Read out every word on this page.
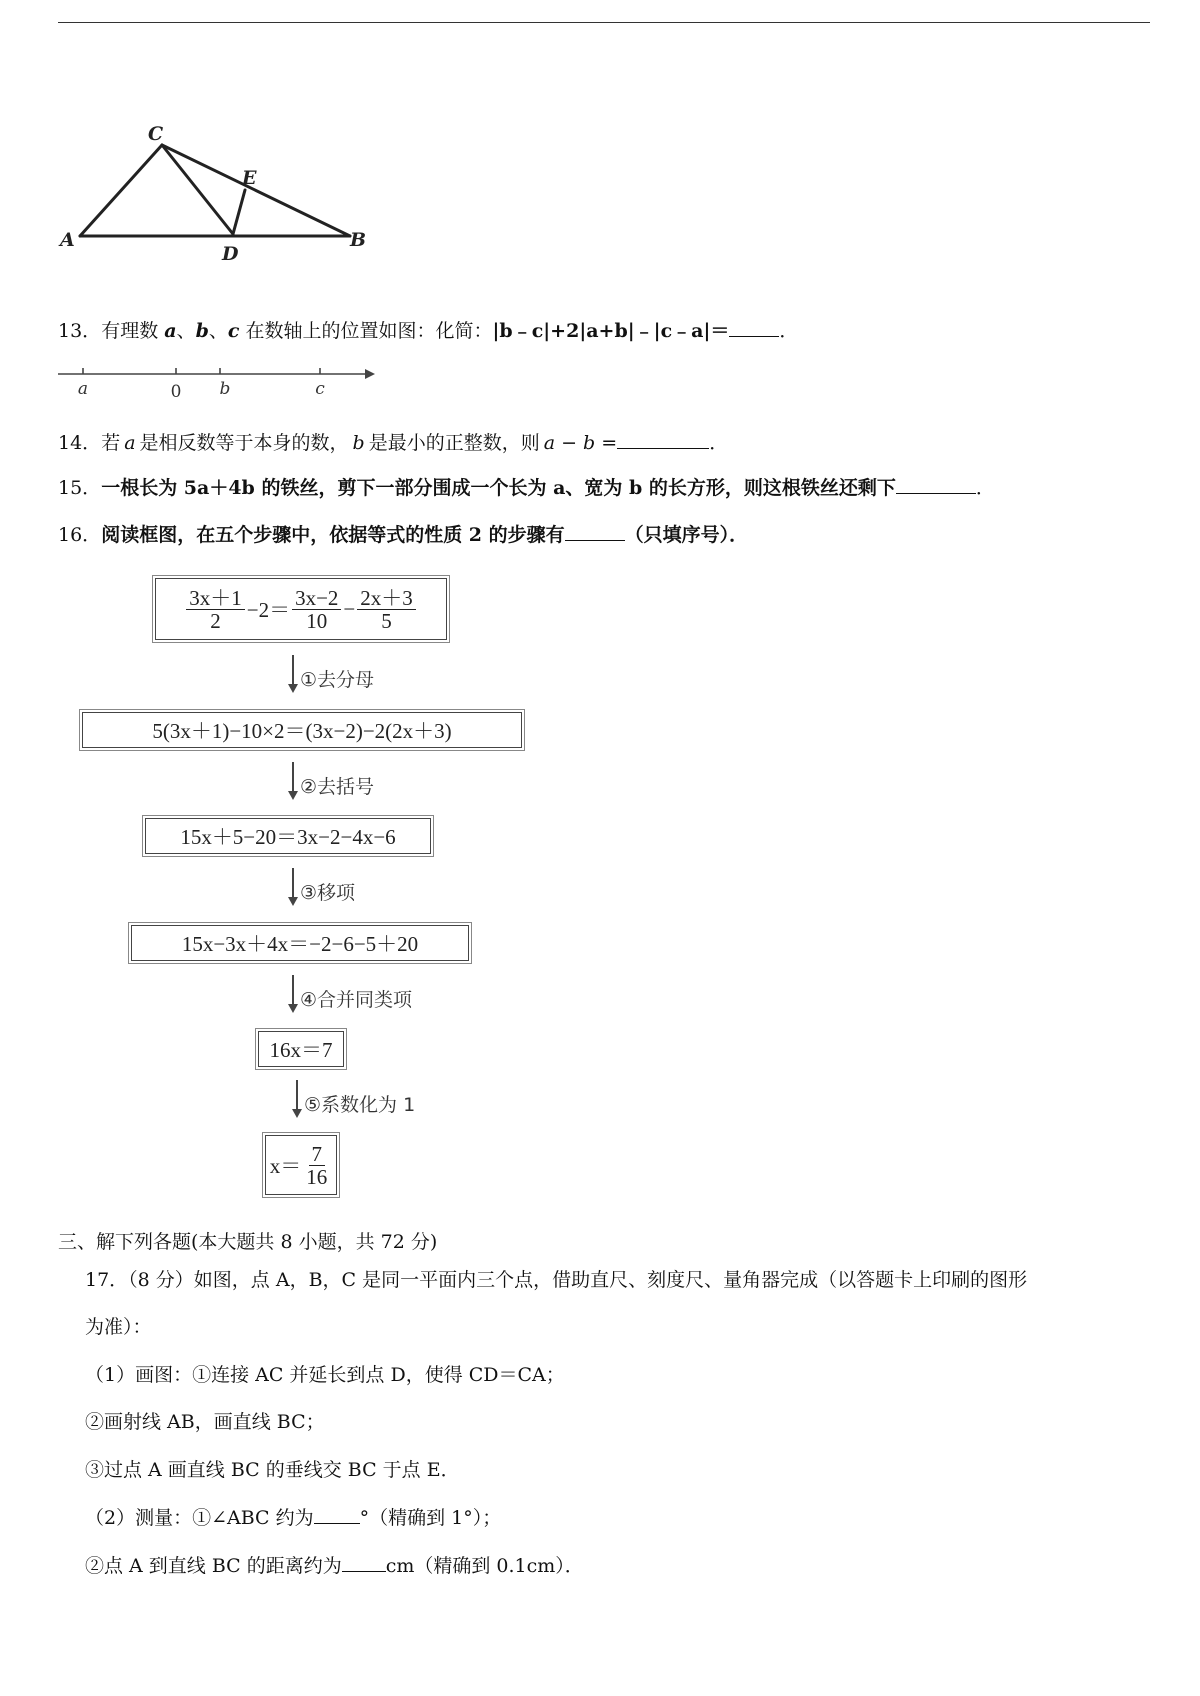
A
C
E
D
B
13．有理数 a、b、c 在数轴上的位置如图：化简：|b﹣c|+2|a+b|﹣|c﹣a|＝	．
a	0 b	c
14．若 a 是相反数等于本身的数， b 是最小的正整数，则 a − b =	．
15．一根长为 5a＋4b 的铁丝，剪下一部分围成一个长为 a、宽为 b 的长方形，则这根铁丝还剩下	．
16．阅读框图，在五个步骤中，依据等式的性质 2 的步骤有	（只填序号）．
$\frac{3x+1}{2} -2= \frac{3x-2}{10} - \frac{2x+3}{5}$
①去分母
5(3x＋1)−10×2＝(3x−2)−2(2x＋3)
②去括号
15x＋5−20＝3x−2−4x−6
③移项
15x−3x＋4x＝−2−6−5＋20
④合并同类项
16x＝7
⑤系数化为 1
$x= \frac{7}{16}$
三、解下列各题(本大题共 8 小题，共 72 分)
17．（8 分）如图，点 A，B，C 是同一平面内三个点，借助直尺、刻度尺、量角器完成（以答题卡上印刷的图形
为准）：
（1）画图：①连接 AC 并延长到点 D，使得 CD＝CA；
②画射线 AB，画直线 BC；
③过点 A 画直线 BC 的垂线交 BC 于点 E．
（2）测量：①∠ABC 约为 °（精确到 1°）；
②点 A 到直线 BC 的距离约为 cm（精确到 0.1cm）．
